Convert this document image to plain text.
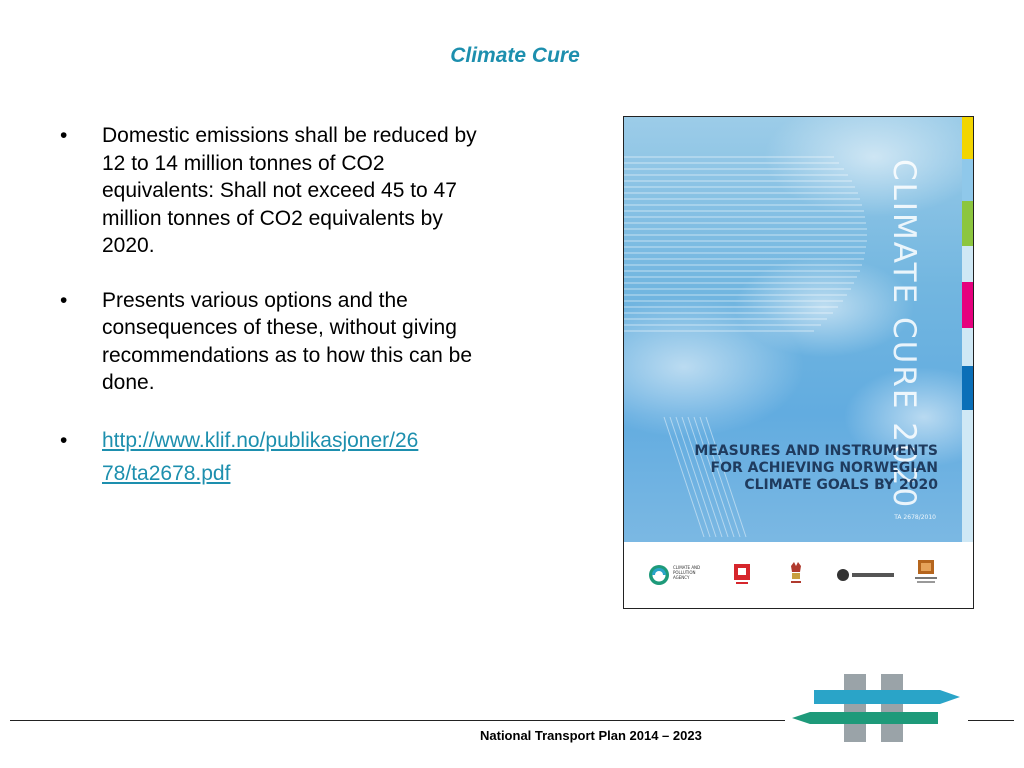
Climate Cure
• Domestic emissions shall be reduced by 12 to 14 million tonnes of CO2 equivalents: Shall not exceed 45 to 47 million tonnes of CO2 equivalents by 2020.
• Presents various options and the consequences of these, without giving recommendations as to how this can be done.
• http://www.klif.no/publikasjoner/26
78/ta2678.pdf	CLIMATE CURE 2020
MEASURES AND INSTRUMENTS
FOR ACHIEVING NORWEGIAN
CLIMATE GOALS BY 2020
TA 2678/2010
CLIMATE AND POLLUTION AGENCY
National Transport Plan 2014 – 2023
